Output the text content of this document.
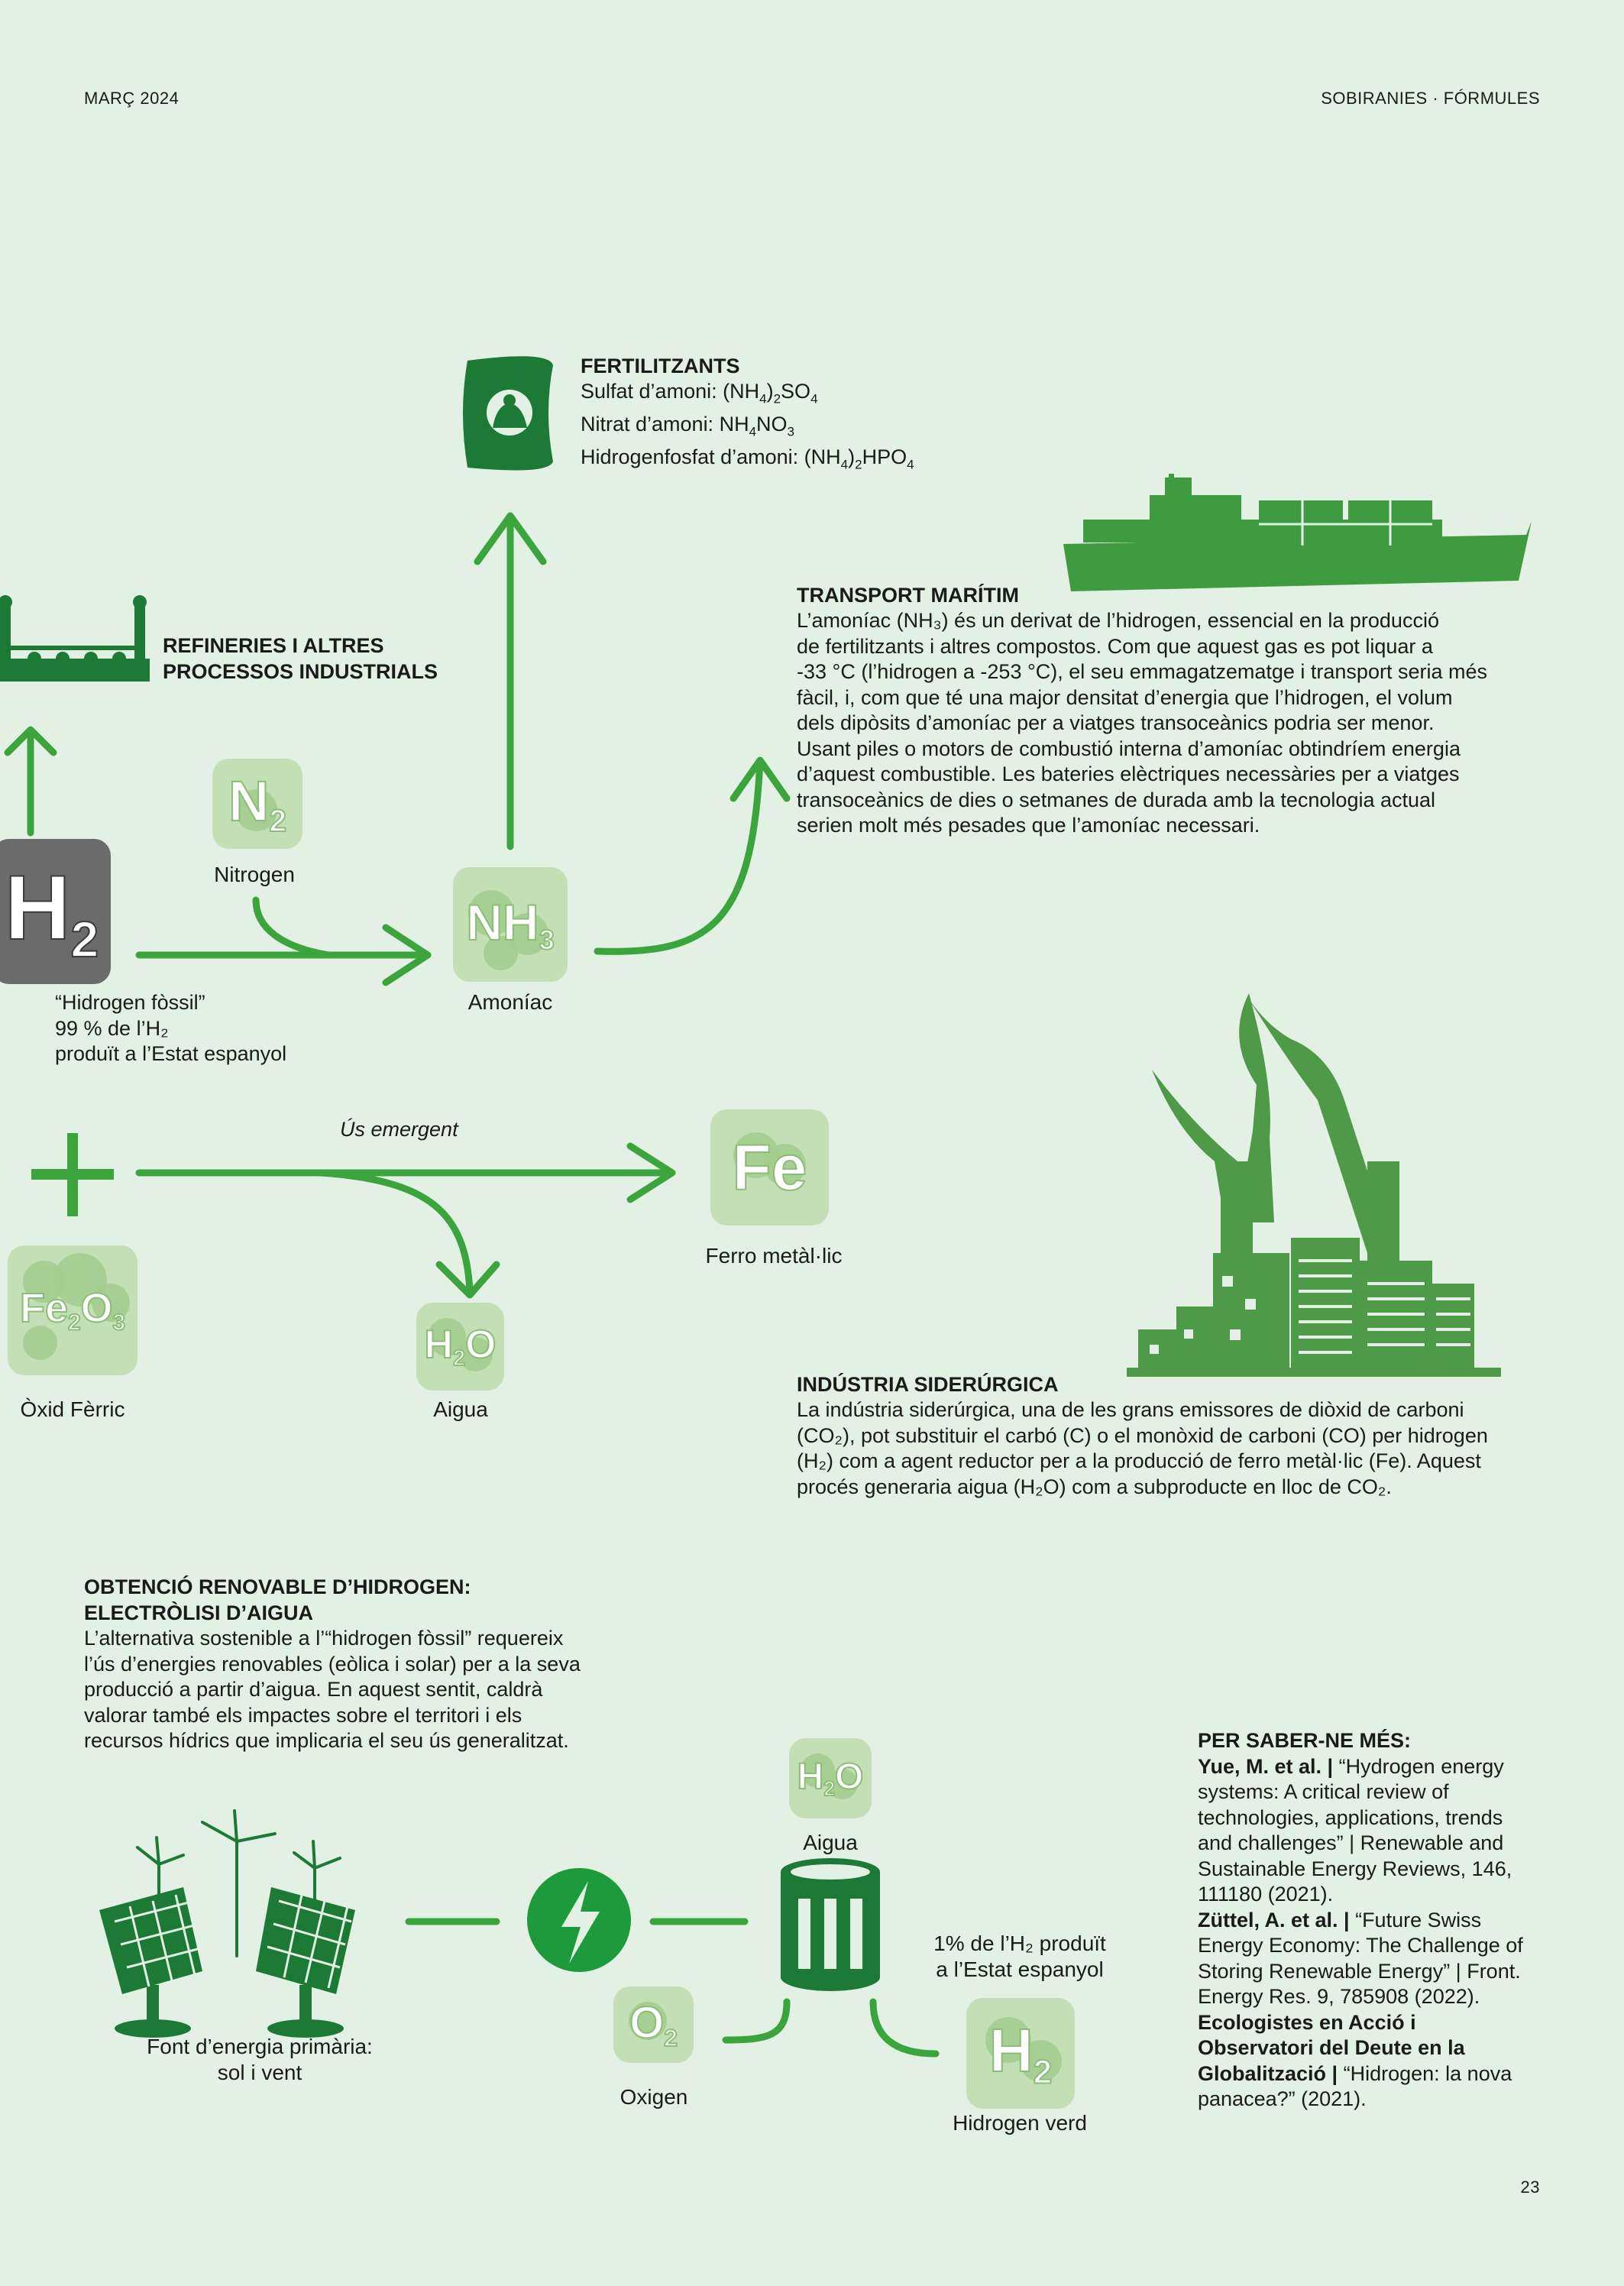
MARÇ 2024	SOBIRANIES · FÓRMULES
23
FERTILITZANTS
Sulfat d’amoni: $(NH_4)_2SO_4$
Nitrat d’amoni: $NH_4NO_3$
Hidrogenfosfat d’amoni: $(NH_4)_2HPO_4$
REFINERIES I ALTRES
PROCESSOS INDUSTRIALS
TRANSPORT MARÍTIM
L’amoníac (NH₃) és un derivat de l’hidrogen, essencial en la producció
de fertilitzants i altres compostos. Com que aquest gas es pot liquar a
-33 °C (l’hidrogen a -253 °C), el seu emmagatzematge i transport seria més
fàcil, i, com que té una major densitat d’energia que l’hidrogen, el volum
dels dipòsits d’amoníac per a viatges transoceànics podria ser menor.
Usant piles o motors de combustió interna d’amoníac obtindríem energia
d’aquest combustible. Les bateries elèctriques necessàries per a viatges
transoceànics de dies o setmanes de durada amb la tecnologia actual
serien molt més pesades que l’amoníac necessari.
$H_2$
“Hidrogen fòssil”
99 % de l’H₂
produït a l’Estat espanyol
$N_2$
Nitrogen
$NH_3$
Amoníac
Ús emergent
Fe
Ferro metàl·lic
$Fe_2O_3$
Òxid Fèrric
$H_2O$
Aigua
INDÚSTRIA SIDERÚRGICA
La indústria siderúrgica, una de les grans emissores de diòxid de carboni
(CO₂), pot substituir el carbó (C) o el monòxid de carboni (CO) per hidrogen
(H₂) com a agent reductor per a la producció de ferro metàl·lic (Fe). Aquest
procés generaria aigua (H₂O) com a subproducte en lloc de CO₂.
OBTENCIÓ RENOVABLE D’HIDROGEN:
ELECTRÒLISI D’AIGUA
L’alternativa sostenible a l’“hidrogen fòssil” requereix
l’ús d’energies renovables (eòlica i solar) per a la seva
producció a partir d’aigua. En aquest sentit, caldrà
valorar també els impactes sobre el territori i els
recursos hídrics que implicaria el seu ús generalitzat.
$H_2O$
Aigua
$O_2$
Oxigen
$H_2$
Hidrogen verd
1% de l’H₂ produït
a l’Estat espanyol
Font d’energia primària:
sol i vent
PER SABER-NE MÉS:
Yue, M. et al. | “Hydrogen energy
systems: A critical review of
technologies, applications, trends
and challenges” | Renewable and
Sustainable Energy Reviews, 146,
111180 (2021).
Züttel, A. et al. | “Future Swiss
Energy Economy: The Challenge of
Storing Renewable Energy” | Front.
Energy Res. 9, 785908 (2022).
Ecologistes en Acció i
Observatori del Deute en la
Globalització | “Hidrogen: la nova
panacea?” (2021).
